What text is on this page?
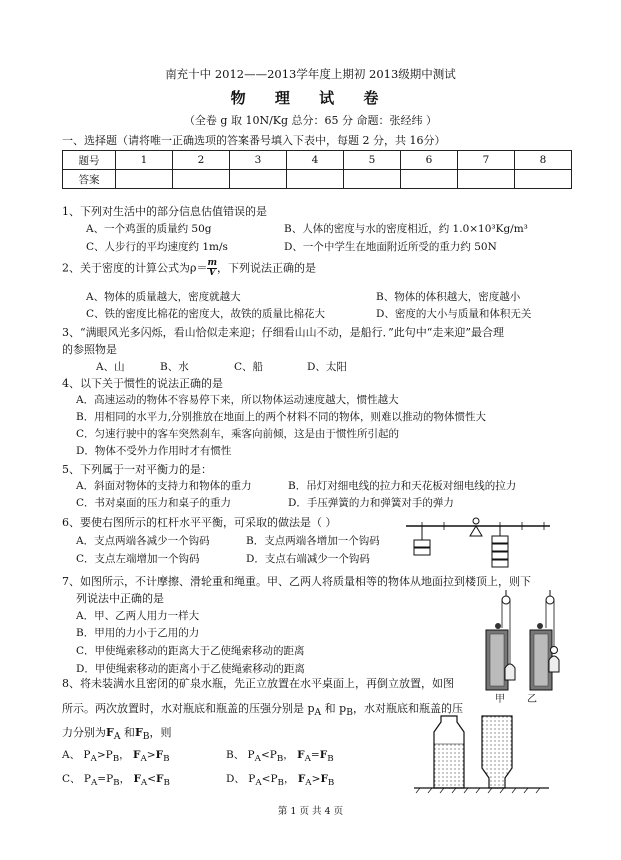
南充十中 2012——2013学年度上期初 2013级期中测试
物 理 试 卷
（全卷 g 取 10N/Kg 总分：65 分 命题：张经纬 ）
一、选择题（请将唯一正确选项的答案番号填入下表中，每题 2 分，共 16分）
题号	1	2	3	4	5	6	7	8
答案								
1、下列对生活中的部分信息估值错误的是
A、一个鸡蛋的质量约 50g	B、人体的密度与水的密度相近，约 1.0×10³Kg/m³
C、人步行的平均速度约 1m/s	D、一个中学生在地面附近所受的重力约 50N
2、关于密度的计算公式为$\rho= \frac{m}{V}$ ，下列说法正确的是
A、物体的质量越大，密度就越大	B、物体的体积越大，密度越小
C、铁的密度比棉花的密度大，故铁的质量比棉花大	D、密度的大小与质量和体积无关
3、“满眼风光多闪烁，看山恰似走来迎；仔细看山山不动，是船行．”此句中“走来迎”最合理
的参照物是
A、山	B、水	C、船	D、太阳
4、以下关于惯性的说法正确的是
A．高速运动的物体不容易停下来，所以物体运动速度越大，惯性越大
B．用相同的水平力,分别推放在地面上的两个材料不同的物体，则难以推动的物体惯性大
C．匀速行驶中的客车突然刹车，乘客向前倾，这是由于惯性所引起的
D．物体不受外力作用时才有惯性
5、下列属于一对平衡力的是：
A．斜面对物体的支持力和物体的重力	B．吊灯对细电线的拉力和天花板对细电线的拉力
C．书对桌面的压力和桌子的重力	D．手压弹簧的力和弹簧对手的弹力
6、要使右图所示的杠杆水平平衡，可采取的做法是（ ）
A．支点两端各减少一个钩码	B．支点两端各增加一个钩码
C．支点左端增加一个钩码	D．支点右端减少一个钩码
7、如图所示，不计摩擦、滑轮重和绳重。甲、乙两人将质量相等的物体从地面拉到楼顶上，则下
列说法中正确的是
A．甲、乙两人用力一样大
B．甲用的力小于乙用的力
C．甲使绳索移动的距离大于乙使绳索移动的距离
D．甲使绳索移动的距离小于乙使绳索移动的距离
甲 乙
8、将未装满水且密闭的矿泉水瓶，先正立放置在水平桌面上，再倒立放置，如图
所示。两次放置时，水对瓶底和瓶盖的压强分别是 $p_A$ 和 $p_B$，水对瓶底和瓶盖的压
力分别为$F_A$ 和$F_B$，则
A、 $P_A>P_B$， $F_A>F_B$	B、 $P_A<P_B$， $F_A=F_B$
C、 $P_A=P_B$， $F_A<F_B$	D、 $P_A<P_B$， $F_A>F_B$
第 1 页 共 4 页
